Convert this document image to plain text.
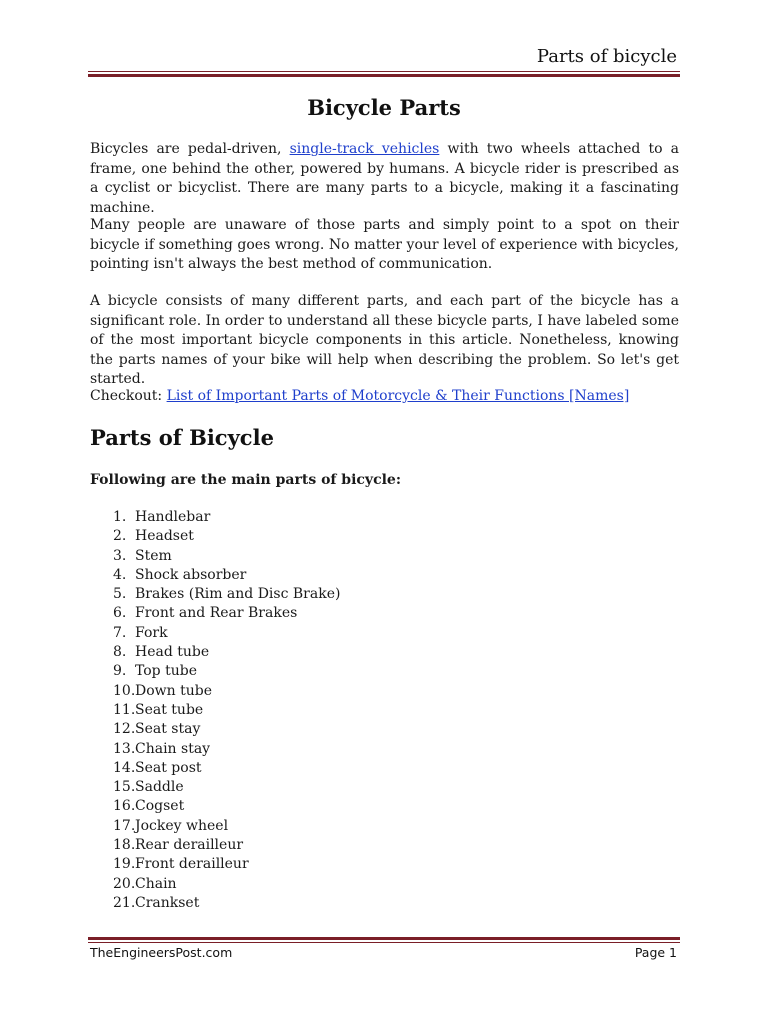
Parts of bicycle
Bicycle Parts

Bicycles are pedal-driven, single-track vehicles with two wheels attached to a frame, one behind the other, powered by humans. A bicycle rider is prescribed as a cyclist or bicyclist. There are many parts to a bicycle, making it a fascinating machine.

Many people are unaware of those parts and simply point to a spot on their bicycle if something goes wrong. No matter your level of experience with bicycles, pointing isn't always the best method of communication.

A bicycle consists of many different parts, and each part of the bicycle has a significant role. In order to understand all these bicycle parts, I have labeled some of the most important bicycle components in this article. Nonetheless, knowing the parts names of your bike will help when describing the problem. So let's get started.

Checkout: List of Important Parts of Motorcycle & Their Functions [Names]

Parts of Bicycle
Following are the main parts of bicycle:
1. Handlebar
2. Headset
3. Stem
4. Shock absorber
5. Brakes (Rim and Disc Brake)
6. Front and Rear Brakes
7. Fork
8. Head tube
9. Top tube
10.Down tube
11.Seat tube
12.Seat stay
13.Chain stay
14.Seat post
15.Saddle
16.Cogset
17.Jockey wheel
18.Rear derailleur
19.Front derailleur
20.Chain
21.Crankset
TheEngineersPost.com	Page 1
